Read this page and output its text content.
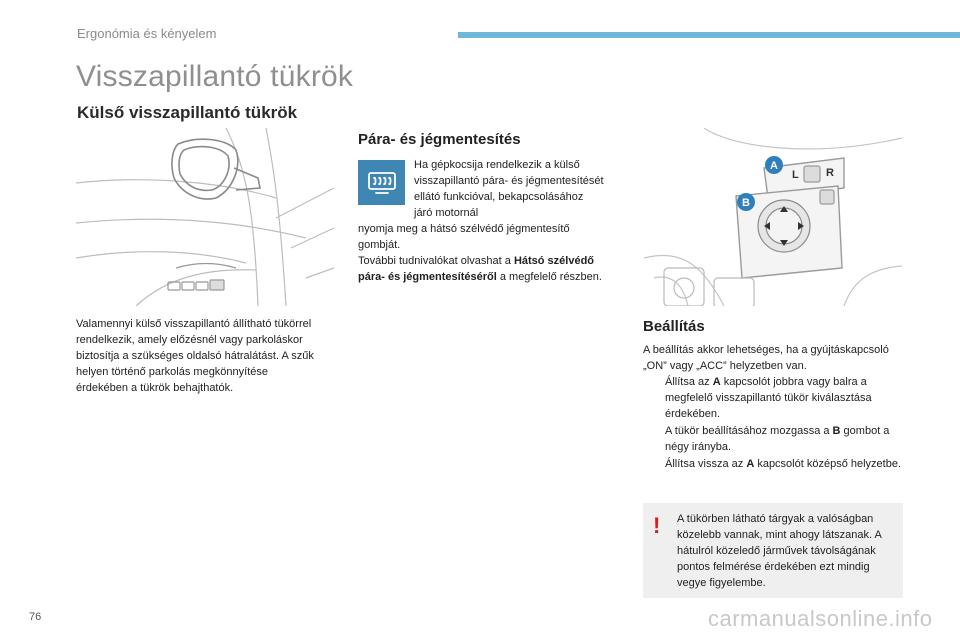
Ergonómia és kényelem
Visszapillantó tükrök
Külső visszapillantó tükrök

Valamennyi külső visszapillantó állítható tükörrel rendelkezik, amely előzésnél vagy parkoláskor biztosítja a szükséges oldalsó hátralátást. A szűk helyen történő parkolás megkönnyítése érdekében a tükrök behajthatók.

Pára- és jégmentesítés

Ha gépkocsija rendelkezik a külső visszapillantó pára- és jégmentesítését ellátó funkcióval, bekapcsolásához járó motornál

nyomja meg a hátsó szélvédő jégmentesítő gombját.
További tudnivalókat olvashat a Hátsó szélvédő pára- és jégmentesítéséről a megfelelő részben.
L R
A
B
Beállítás

A beállítás akkor lehetséges, ha a gyújtáskapcsoló „ON” vagy „ACC” helyzetben van.

Állítsa az A kapcsolót jobbra vagy balra a megfelelő visszapillantó tükör kiválasztása érdekében.
A tükör beállításához mozgassa a B gombot a négy irányba.
Állítsa vissza az A kapcsolót középső helyzetbe.
! A tükörben látható tárgyak a valóságban közelebb vannak, mint ahogy látszanak. A hátulról közeledő járművek távolságának pontos felmérése érdekében ezt mindig vegye figyelembe.

76	carmanualsonline.info
